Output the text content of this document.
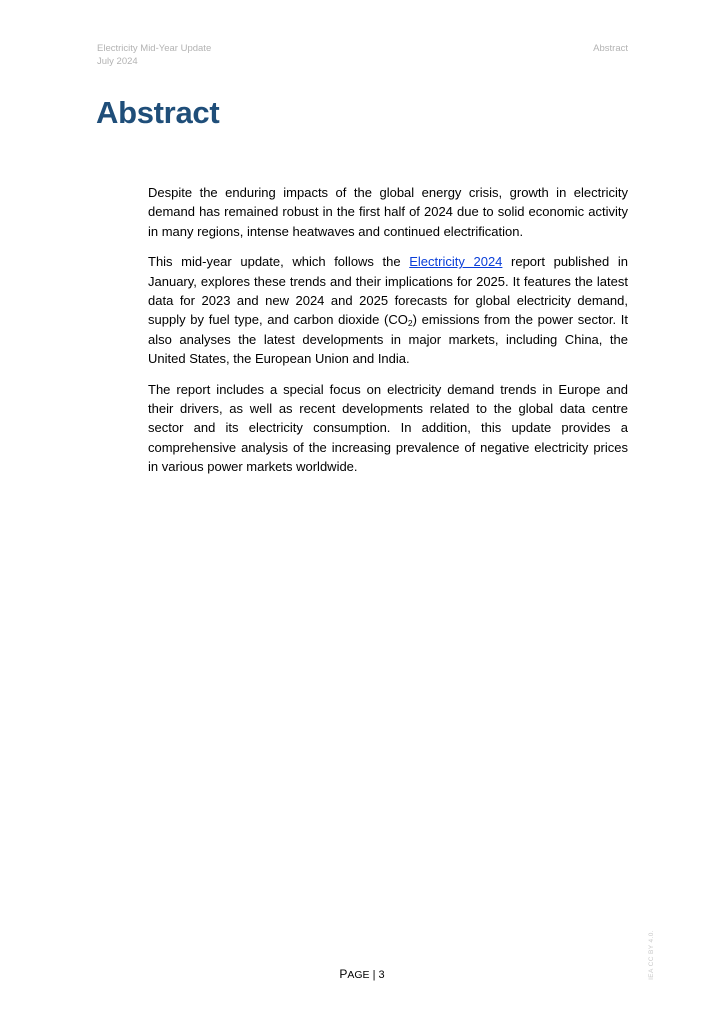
Electricity Mid-Year Update
July 2024
Abstract
Abstract

Despite the enduring impacts of the global energy crisis, growth in electricity demand has remained robust in the first half of 2024 due to solid economic activity in many regions, intense heatwaves and continued electrification.

This mid-year update, which follows the Electricity 2024 report published in January, explores these trends and their implications for 2025. It features the latest data for 2023 and new 2024 and 2025 forecasts for global electricity demand, supply by fuel type, and carbon dioxide $(CO_2)$ emissions from the power sector. It also analyses the latest developments in major markets, including China, the United States, the European Union and India.

The report includes a special focus on electricity demand trends in Europe and their drivers, as well as recent developments related to the global data centre sector and its electricity consumption. In addition, this update provides a comprehensive analysis of the increasing prevalence of negative electricity prices in various power markets worldwide.

IEA CC BY 4.0.
PAGE | 3
